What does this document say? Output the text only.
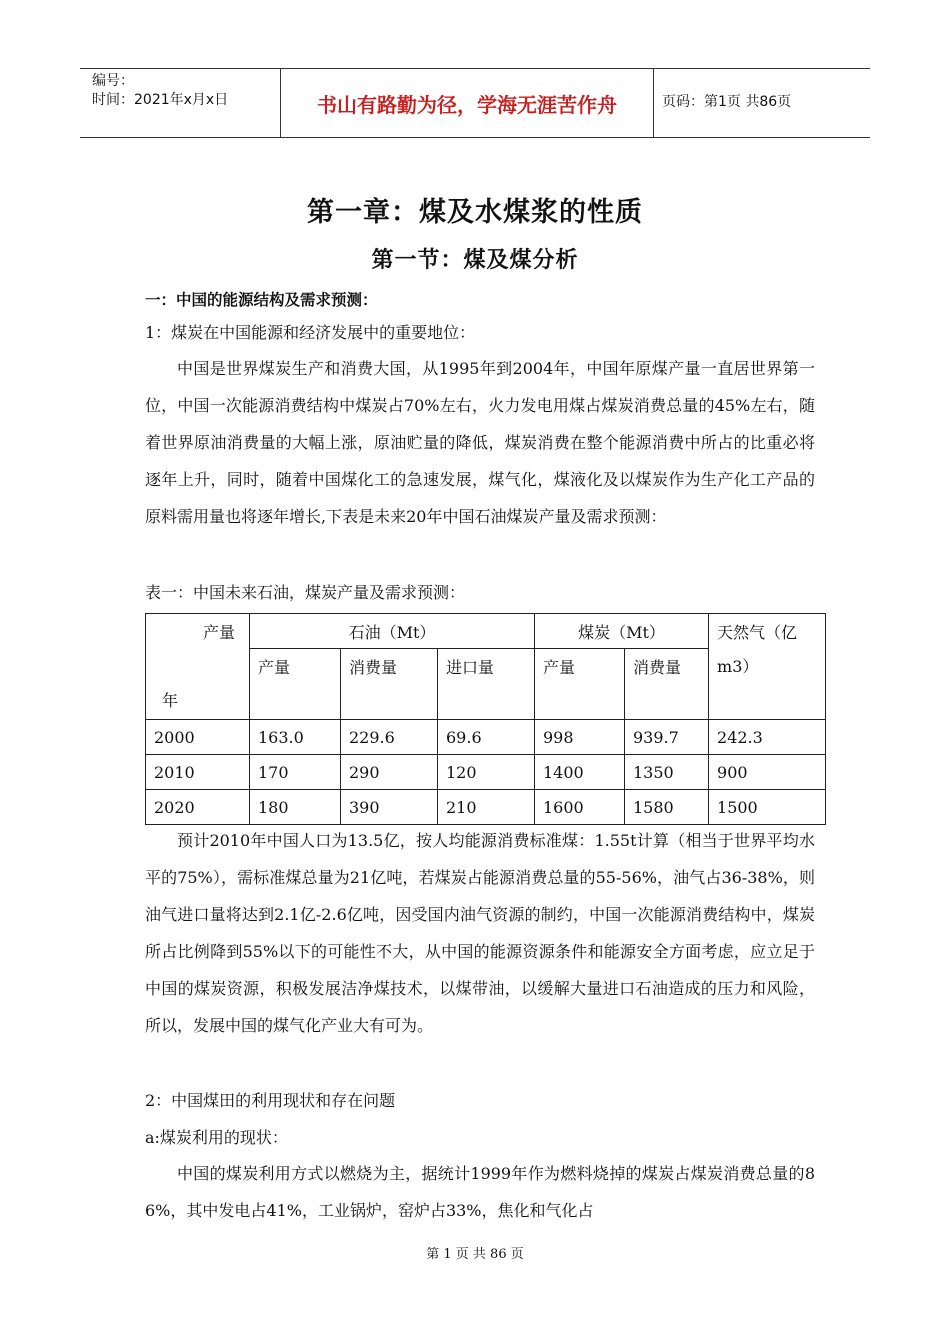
编号：
时间：2021年x月x日	书山有路勤为径，学海无涯苦作舟	页码：第1页 共86页
第一章：煤及水煤浆的性质
第一节：煤及煤分析
一：中国的能源结构及需求预测：
1：煤炭在中国能源和经济发展中的重要地位：
中国是世界煤炭生产和消费大国，从1995年到2004年，中国年原煤产量一直居世界第一位，中国一次能源消费结构中煤炭占70%左右，火力发电用煤占煤炭消费总量的45%左右，随着世界原油消费量的大幅上涨，原油贮量的降低，煤炭消费在整个能源消费中所占的比重必将逐年上升，同时，随着中国煤化工的急速发展，煤气化，煤液化及以煤炭作为生产化工产品的原料需用量也将逐年增长,下表是未来20年中国石油煤炭产量及需求预测：
表一：中国未来石油，煤炭产量及需求预测：
产量
年	石油（Mt）			煤炭（Mt）		天然气（亿m3）
	产量	消费量	进口量	产量	消费量	
2000	163.0	229.6	69.6	998	939.7	242.3
2010	170	290	120	1400	1350	900
2020	180	390	210	1600	1580	1500
预计2010年中国人口为13.5亿，按人均能源消费标准煤：1.55t计算（相当于世界平均水平的75%），需标准煤总量为21亿吨，若煤炭占能源消费总量的55-56%，油气占36-38%，则油气进口量将达到2.1亿-2.6亿吨，因受国内油气资源的制约，中国一次能源消费结构中，煤炭所占比例降到55%以下的可能性不大，从中国的能源资源条件和能源安全方面考虑，应立足于中国的煤炭资源，积极发展洁净煤技术，以煤带油，以缓解大量进口石油造成的压力和风险，所以，发展中国的煤气化产业大有可为。
2：中国煤田的利用现状和存在问题
a:煤炭利用的现状：
中国的煤炭利用方式以燃烧为主，据统计1999年作为燃料烧掉的煤炭占煤炭消费总量的86%，其中发电占41%，工业锅炉，窑炉占33%，焦化和气化占
第 1 页 共 86 页
